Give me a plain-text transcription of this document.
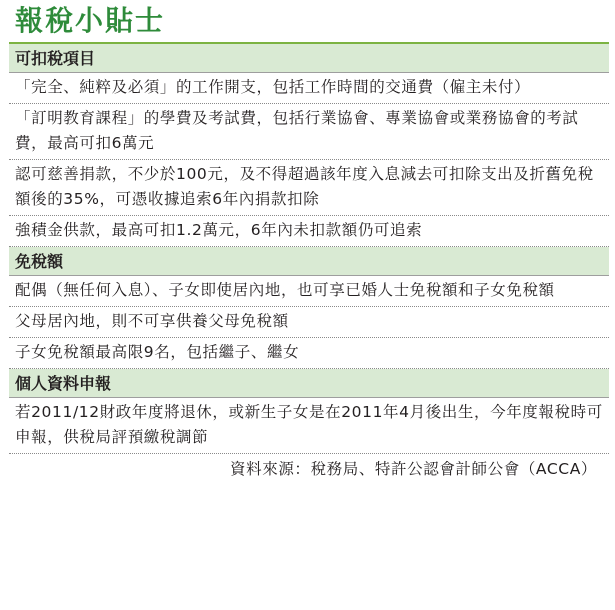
報稅小貼士
可扣稅項目
「完全、純粹及必須」的工作開支，包括工作時間的交通費（僱主未付）
「訂明教育課程」的學費及考試費，包括行業協會、專業協會或業務協會的考試費，最高可扣6萬元
認可慈善捐款，不少於100元，及不得超過該年度入息減去可扣除支出及折舊免稅額後的35%，可憑收據追索6年內捐款扣除
強積金供款，最高可扣1.2萬元，6年內未扣款額仍可追索
免稅額
配偶（無任何入息）、子女即使居內地，也可享已婚人士免稅額和子女免稅額
父母居內地，則不可享供養父母免稅額
子女免稅額最高限9名，包括繼子、繼女
個人資料申報
若2011/12財政年度將退休，或新生子女是在2011年4月後出生，今年度報稅時可申報，供稅局評預繳稅調節
資料來源：稅務局、特許公認會計師公會（ACCA）
